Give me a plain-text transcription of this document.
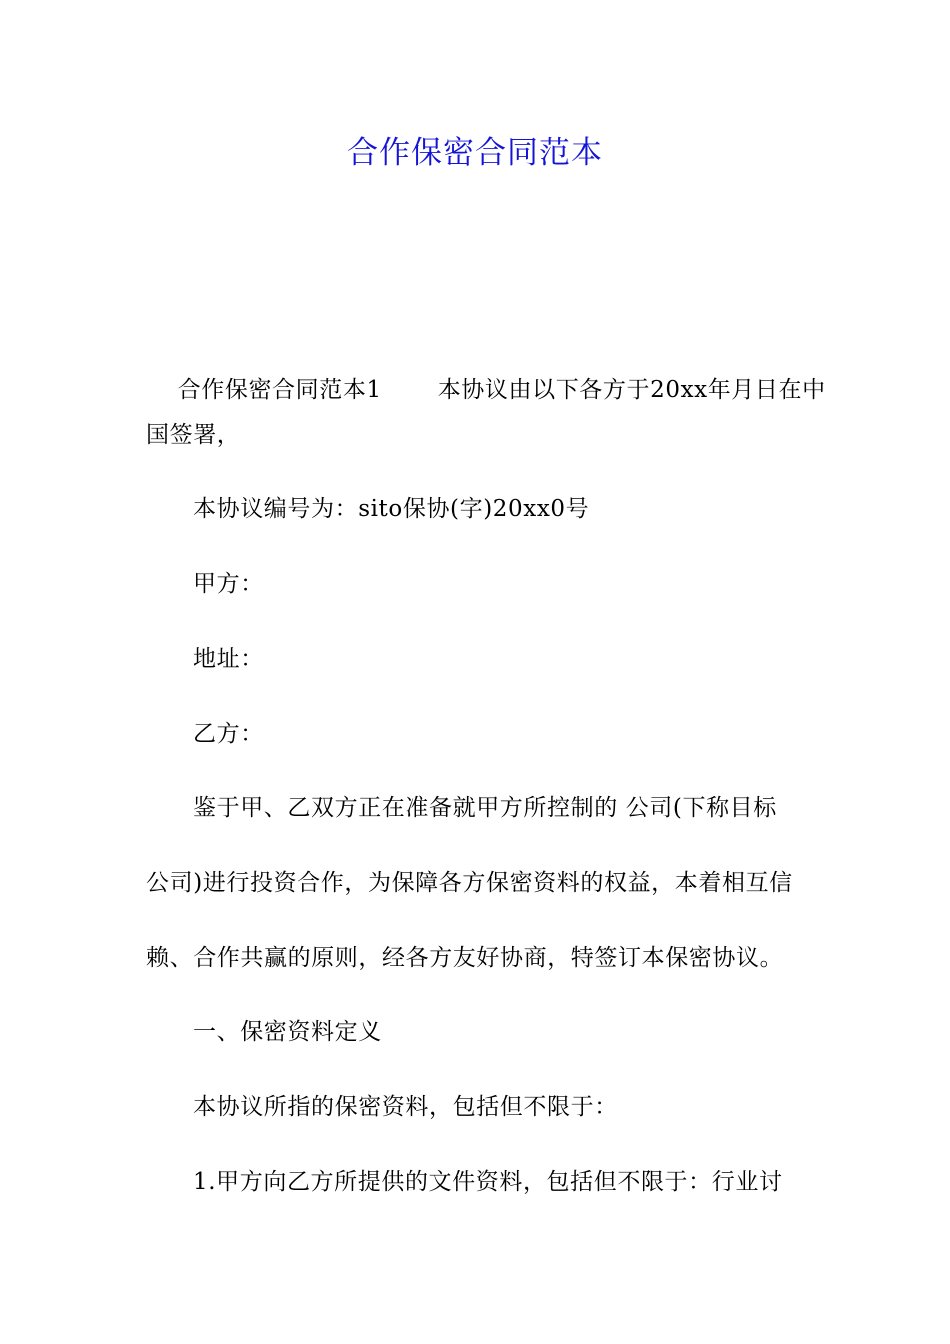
合作保密合同范本

合作保密合同范本1 本协议由以下各方于20xx年月日在中

国签署，
本协议编号为：sito保协(字)20xx0号
甲方：
地址：
乙方：
鉴于甲、乙双方正在准备就甲方所控制的 公司(下称目标
公司)进行投资合作，为保障各方保密资料的权益，本着相互信
赖、合作共赢的原则，经各方友好协商，特签订本保密协议。
一、保密资料定义
本协议所指的保密资料，包括但不限于：
1.甲方向乙方所提供的文件资料，包括但不限于：行业讨
